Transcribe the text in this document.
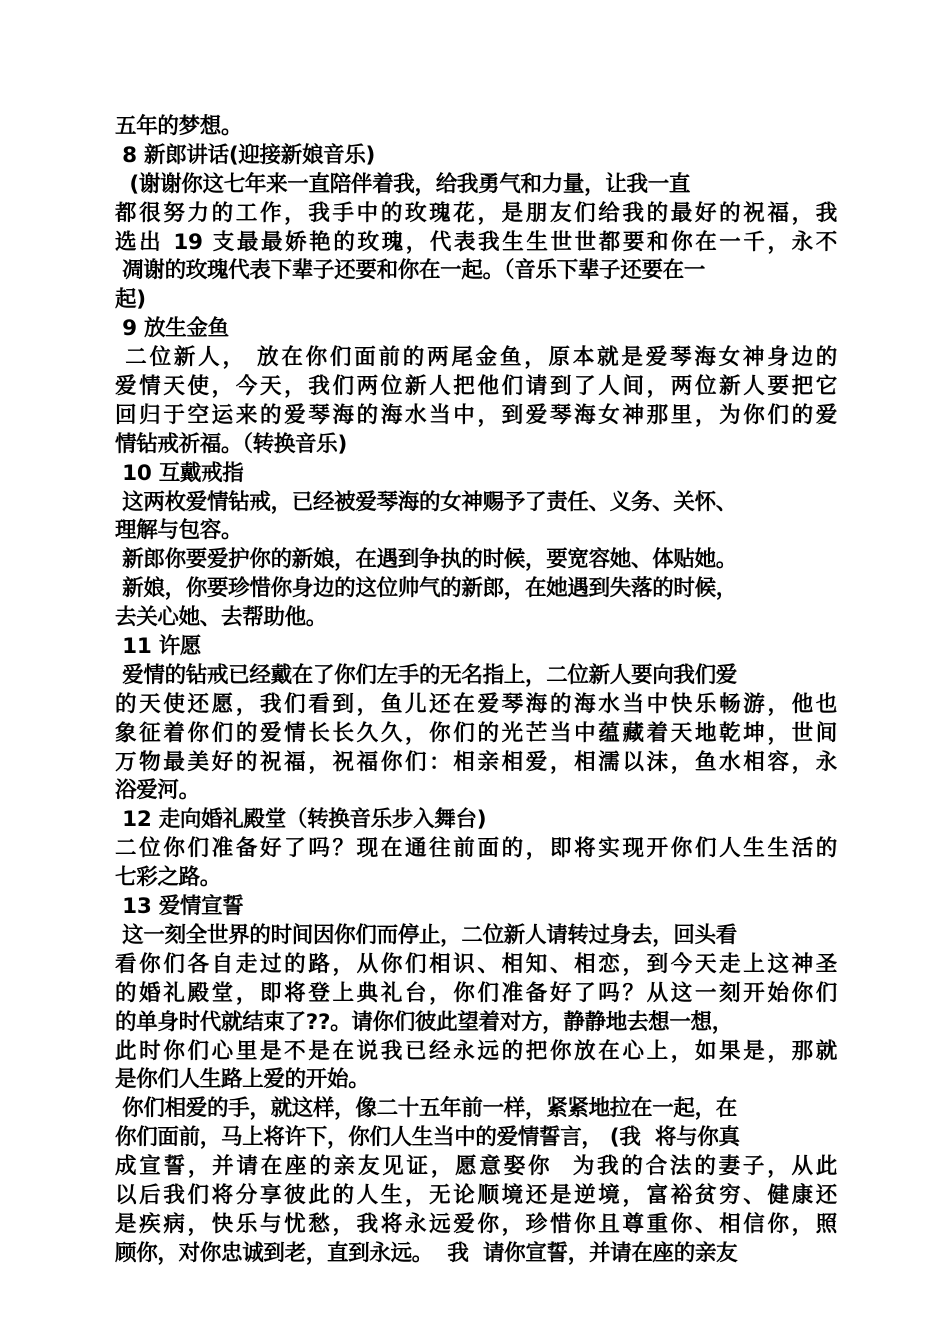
五年的梦想。
8 新郎讲话(迎接新娘音乐)
(谢谢你这七年来一直陪伴着我，给我勇气和力量，让我一直
都很努力的工作，我手中的玫瑰花，是朋友们给我的最好的祝福，我
选出 19 支最最娇艳的玫瑰，代表我生生世世都要和你在一千，永不
凋谢的玫瑰代表下辈子还要和你在一起。（音乐下辈子还要在一
起)
9 放生金鱼
二位新人， 放在你们面前的两尾金鱼，原本就是爱琴海女神身边的
爱情天使，今天，我们两位新人把他们请到了人间，两位新人要把它
回归于空运来的爱琴海的海水当中，到爱琴海女神那里，为你们的爱
情钻戒祈福。（转换音乐)
10 互戴戒指
这两枚爱情钻戒，已经被爱琴海的女神赐予了责任、义务、关怀、
理解与包容。
新郎你要爱护你的新娘，在遇到争执的时候，要宽容她、体贴她。
新娘，你要珍惜你身边的这位帅气的新郎，在她遇到失落的时候，
去关心她、去帮助他。
11 许愿
爱情的钻戒已经戴在了你们左手的无名指上，二位新人要向我们爱
的天使还愿，我们看到，鱼儿还在爱琴海的海水当中快乐畅游，他也
象征着你们的爱情长长久久，你们的光芒当中蕴藏着天地乾坤，世间
万物最美好的祝福，祝福你们：相亲相爱，相濡以沫，鱼水相容，永
浴爱河。
12 走向婚礼殿堂（转换音乐步入舞台)
二位你们准备好了吗？现在通往前面的，即将实现开你们人生生活的
七彩之路。
13 爱情宣誓
这一刻全世界的时间因你们而停止，二位新人请转过身去，回头看
看你们各自走过的路，从你们相识、相知、相恋，到今天走上这神圣
的婚礼殿堂，即将登上典礼台，你们准备好了吗？从这一刻开始你们
的单身时代就结束了??。请你们彼此望着对方，静静地去想一想，
此时你们心里是不是在说我已经永远的把你放在心上，如果是，那就
是你们人生路上爱的开始。
你们相爱的手，就这样，像二十五年前一样，紧紧地拉在一起，在
你们面前，马上将许下，你们人生当中的爱情誓言， (我  将与你真
成宣誓，并请在座的亲友见证，愿意娶你  为我的合法的妻子，从此
以后我们将分享彼此的人生，无论顺境还是逆境，富裕贫穷、健康还
是疾病，快乐与忧愁，我将永远爱你，珍惜你且尊重你、相信你，照
顾你，对你忠诚到老，直到永远。  我  请你宣誓，并请在座的亲友
